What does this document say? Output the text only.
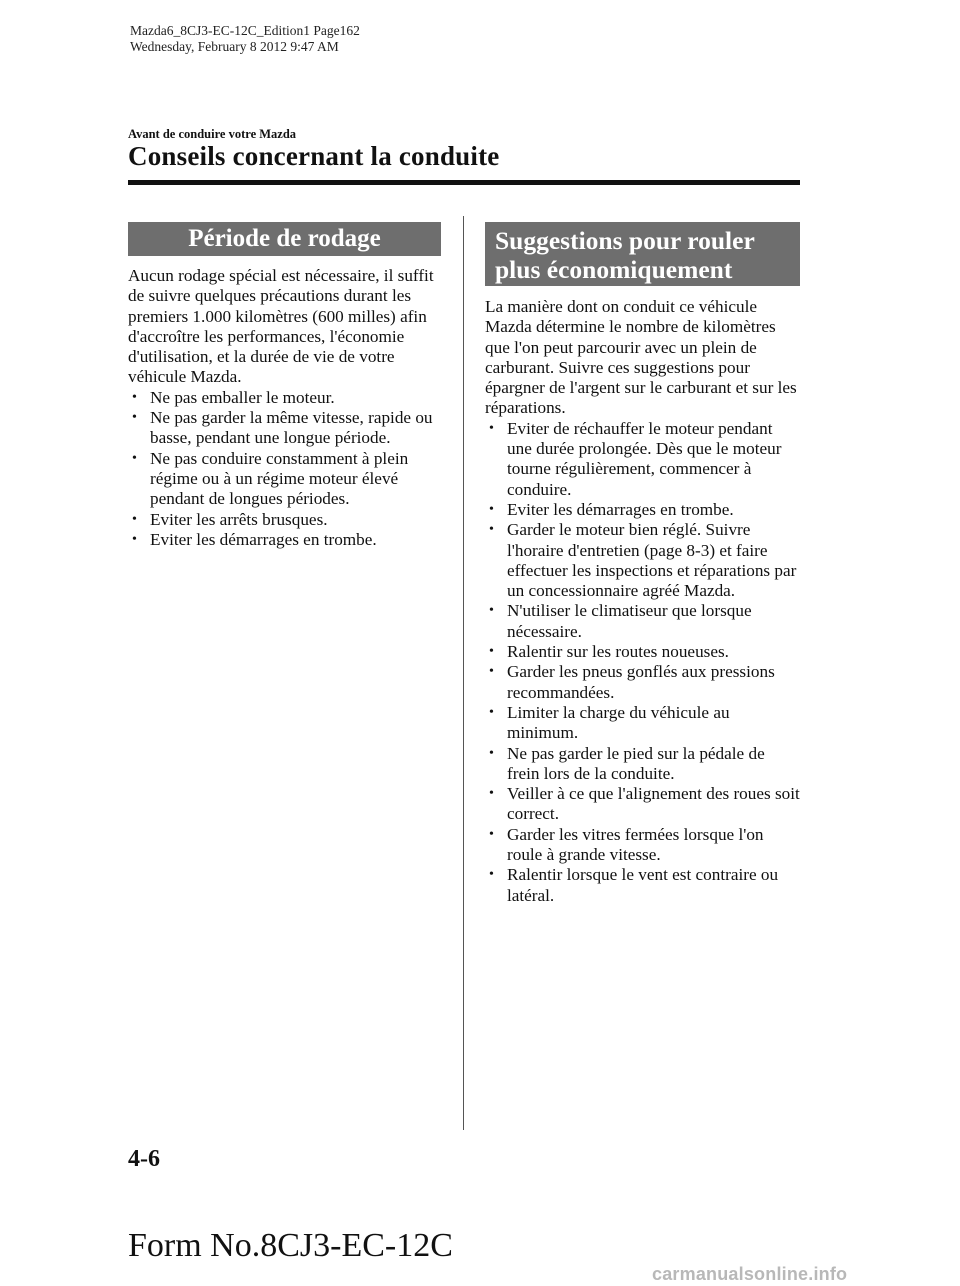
Mazda6_8CJ3-EC-12C_Edition1 Page162
Wednesday, February 8 2012 9:47 AM
Avant de conduire votre Mazda
Conseils concernant la conduite
Période de rodage

Aucun rodage spécial est nécessaire, il suffit de suivre quelques précautions durant les premiers 1.000 kilomètres (600 milles) afin d'accroître les performances, l'économie d'utilisation, et la durée de vie de votre véhicule Mazda.

• Ne pas emballer le moteur.
• Ne pas garder la même vitesse, rapide ou basse, pendant une longue période.
• Ne pas conduire constamment à plein régime ou à un régime moteur élevé pendant de longues périodes.
• Eviter les arrêts brusques.
• Eviter les démarrages en trombe.
Suggestions pour rouler
plus économiquement

La manière dont on conduit ce véhicule Mazda détermine le nombre de kilomètres que l'on peut parcourir avec un plein de carburant. Suivre ces suggestions pour épargner de l'argent sur le carburant et sur les réparations.

• Eviter de réchauffer le moteur pendant une durée prolongée. Dès que le moteur tourne régulièrement, commencer à conduire.
• Eviter les démarrages en trombe.
• Garder le moteur bien réglé. Suivre l'horaire d'entretien (page 8-3) et faire effectuer les inspections et réparations par un concessionnaire agréé Mazda.
• N'utiliser le climatiseur que lorsque nécessaire.
• Ralentir sur les routes noueuses.
• Garder les pneus gonflés aux pressions recommandées.
• Limiter la charge du véhicule au minimum.
• Ne pas garder le pied sur la pédale de frein lors de la conduite.
• Veiller à ce que l'alignement des roues soit correct.
• Garder les vitres fermées lorsque l'on roule à grande vitesse.
• Ralentir lorsque le vent est contraire ou latéral.
4-6
Form No.8CJ3-EC-12C
carmanualsonline.info
